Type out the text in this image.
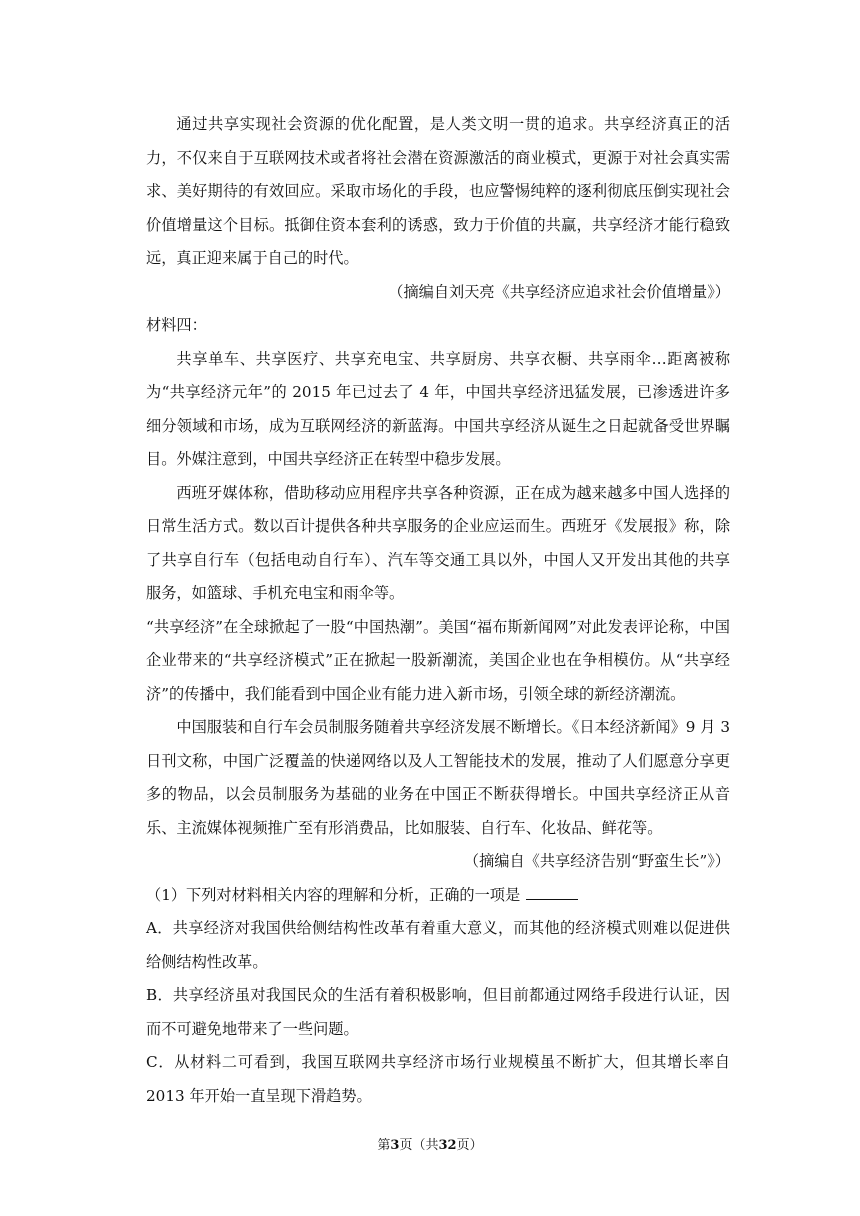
通过共享实现社会资源的优化配置，是人类文明一贯的追求。共享经济真正的活力，不仅来自于互联网技术或者将社会潜在资源激活的商业模式，更源于对社会真实需求、美好期待的有效回应。采取市场化的手段，也应警惕纯粹的逐利彻底压倒实现社会价值增量这个目标。抵御住资本套利的诱惑，致力于价值的共赢，共享经济才能行稳致远，真正迎来属于自己的时代。

（摘编自刘天亮《共享经济应追求社会价值增量》）

材料四：

共享单车、共享医疗、共享充电宝、共享厨房、共享衣橱、共享雨伞…距离被称为“共享经济元年”的 2015 年已过去了 4 年，中国共享经济迅猛发展，已渗透进许多细分领域和市场，成为互联网经济的新蓝海。中国共享经济从诞生之日起就备受世界瞩目。外媒注意到，中国共享经济正在转型中稳步发展。

西班牙媒体称，借助移动应用程序共享各种资源，正在成为越来越多中国人选择的日常生活方式。数以百计提供各种共享服务的企业应运而生。西班牙《发展报》称，除了共享自行车（包括电动自行车）、汽车等交通工具以外，中国人又开发出其他的共享服务，如篮球、手机充电宝和雨伞等。

“共享经济”在全球掀起了一股“中国热潮”。美国“福布斯新闻网”对此发表评论称，中国企业带来的“共享经济模式”正在掀起一股新潮流，美国企业也在争相模仿。从“共享经济”的传播中，我们能看到中国企业有能力进入新市场，引领全球的新经济潮流。

中国服装和自行车会员制服务随着共享经济发展不断增长。《日本经济新闻》9 月 3 日刊文称，中国广泛覆盖的快递网络以及人工智能技术的发展，推动了人们愿意分享更多的物品，以会员制服务为基础的业务在中国正不断获得增长。中国共享经济正从音乐、主流媒体视频推广至有形消费品，比如服装、自行车、化妆品、鲜花等。

（摘编自《共享经济告别“野蛮生长”》）

（1）下列对材料相关内容的理解和分析，正确的一项是

A．共享经济对我国供给侧结构性改革有着重大意义，而其他的经济模式则难以促进供给侧结构性改革。

B．共享经济虽对我国民众的生活有着积极影响，但目前都通过网络手段进行认证，因而不可避免地带来了一些问题。

C．从材料二可看到，我国互联网共享经济市场行业规模虽不断扩大，但其增长率自 2013 年开始一直呈现下滑趋势。

第3页（共32页）
